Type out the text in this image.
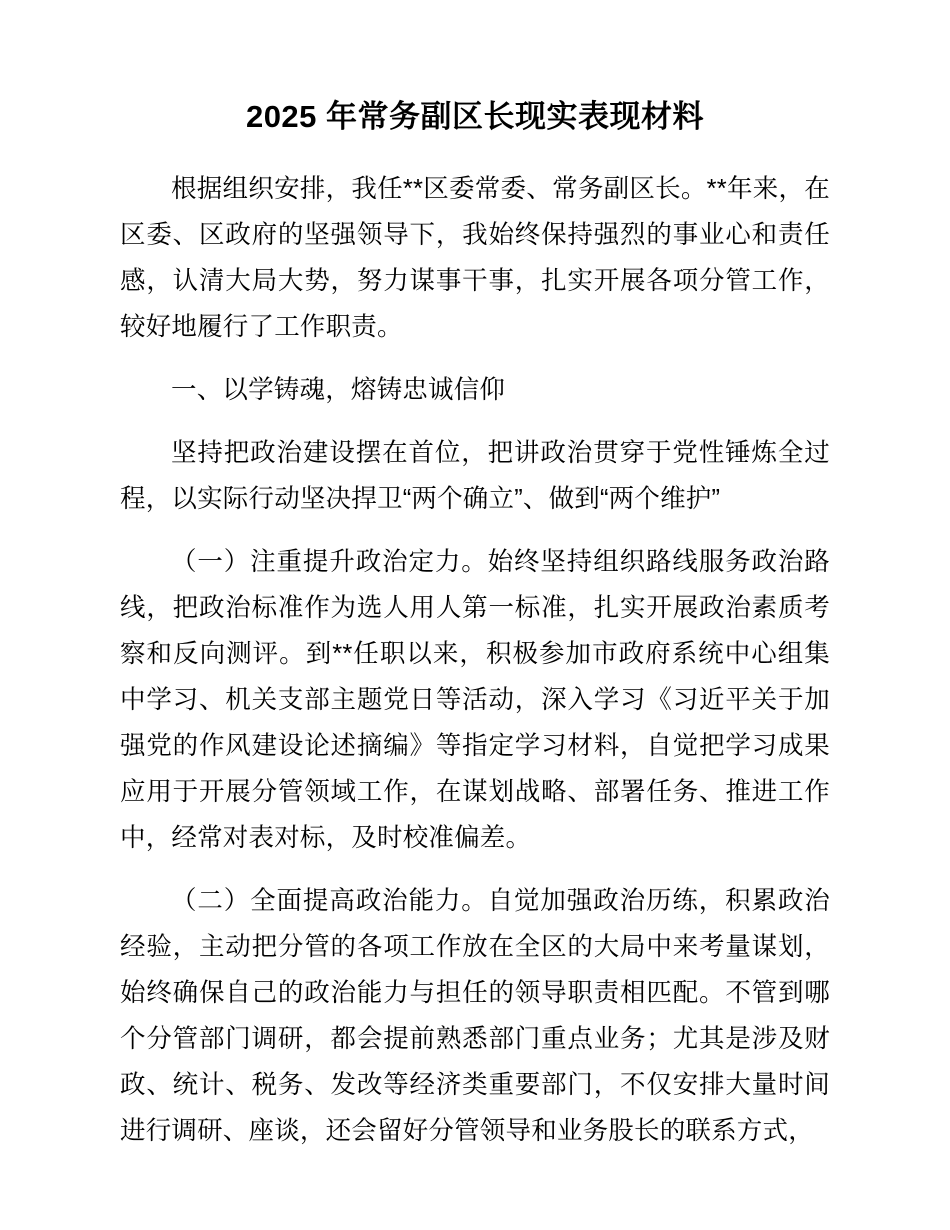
2025 年常务副区长现实表现材料

根据组织安排，我任**区委常委、常务副区长。**年来，在区委、区政府的坚强领导下，我始终保持强烈的事业心和责任感，认清大局大势，努力谋事干事，扎实开展各项分管工作，较好地履行了工作职责。

一、以学铸魂，熔铸忠诚信仰

坚持把政治建设摆在首位，把讲政治贯穿于党性锤炼全过程，以实际行动坚决捍卫“两个确立”、做到“两个维护”

（一）注重提升政治定力。始终坚持组织路线服务政治路线，把政治标准作为选人用人第一标准，扎实开展政治素质考察和反向测评。到**任职以来，积极参加市政府系统中心组集中学习、机关支部主题党日等活动，深入学习《习近平关于加强党的作风建设论述摘编》等指定学习材料，自觉把学习成果应用于开展分管领域工作，在谋划战略、部署任务、推进工作中，经常对表对标，及时校准偏差。

（二）全面提高政治能力。自觉加强政治历练，积累政治经验，主动把分管的各项工作放在全区的大局中来考量谋划，始终确保自己的政治能力与担任的领导职责相匹配。不管到哪个分管部门调研，都会提前熟悉部门重点业务；尤其是涉及财政、统计、税务、发改等经济类重要部门，不仅安排大量时间进行调研、座谈，还会留好分管领导和业务股长的联系方式，
